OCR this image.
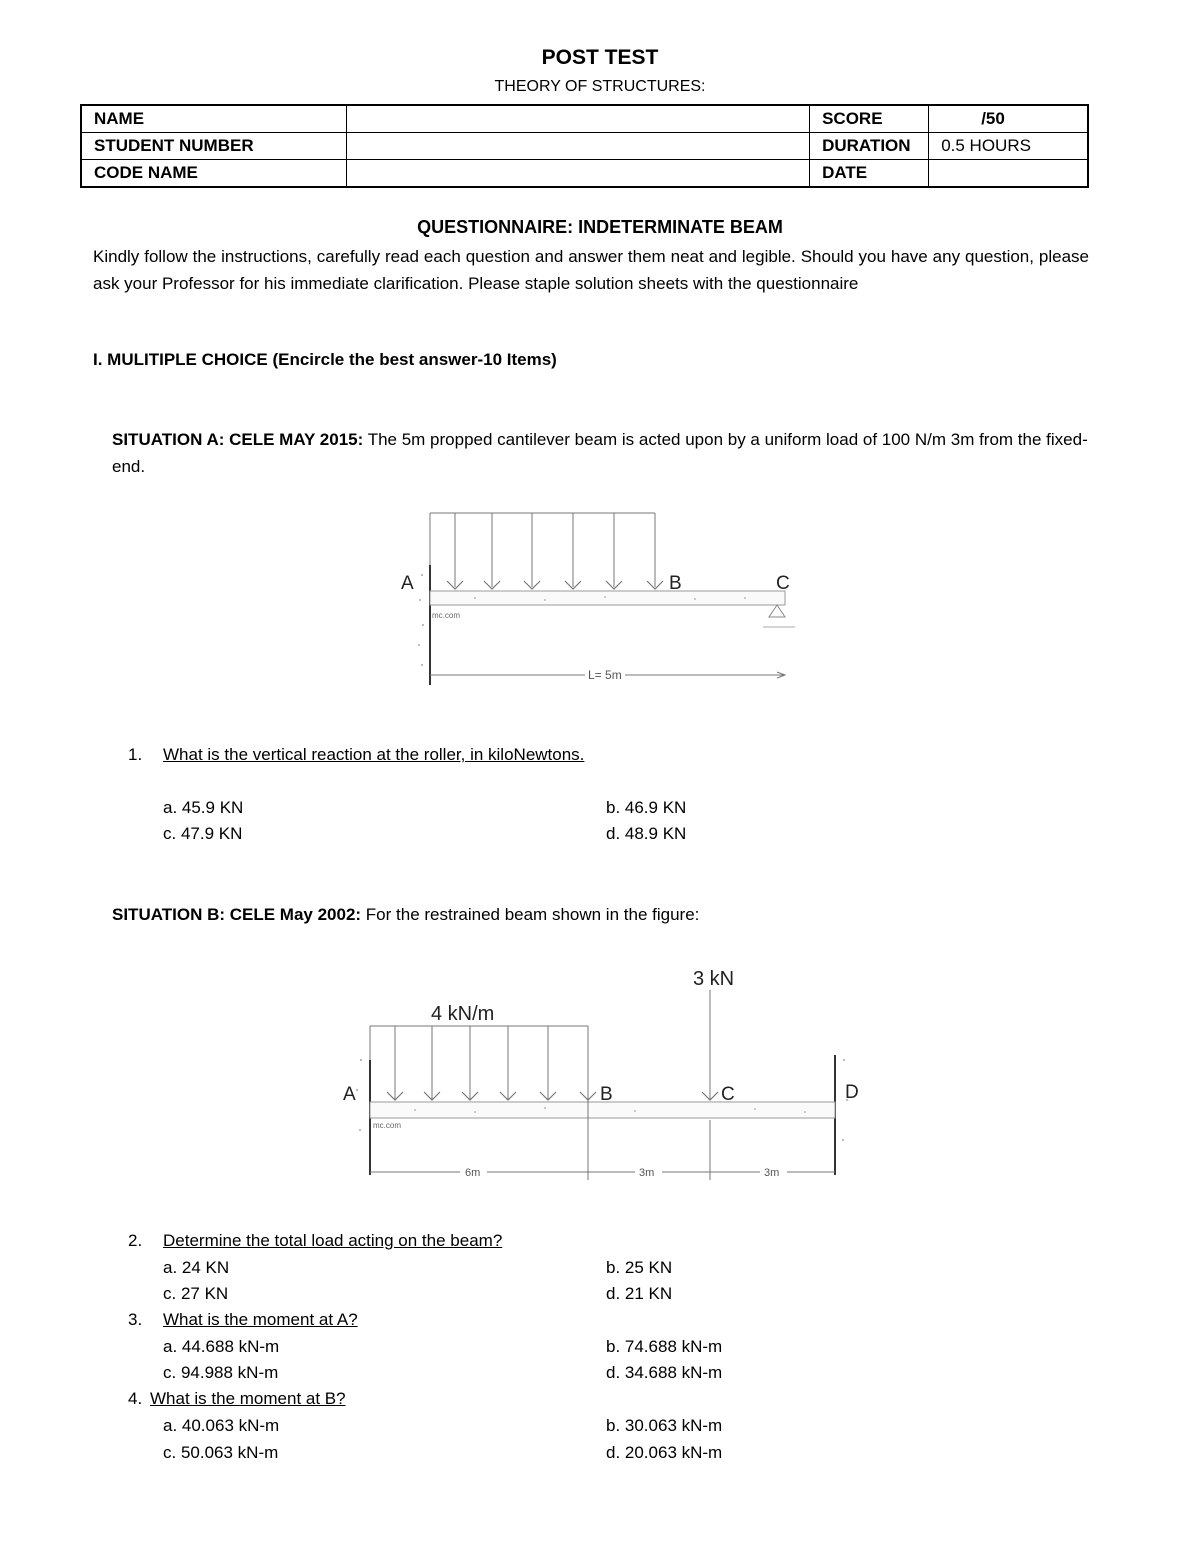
POST TEST
THEORY OF STRUCTURES:
NAME		SCORE	/50
STUDENT NUMBER		DURATION	0.5 HOURS
CODE NAME		DATE	
QUESTIONNAIRE: INDETERMINATE BEAM
Kindly follow the instructions, carefully read each question and answer them neat and legible. Should you have any question, please ask your Professor for his immediate clarification. Please staple solution sheets with the questionnaire
I. MULITIPLE CHOICE (Encircle the best answer-10 Items)
SITUATION A: CELE MAY 2015: The 5m propped cantilever beam is acted upon by a uniform load of 100 N/m 3m from the fixed-end.
A	B	C
mc.com
L= 5m
1. What is the vertical reaction at the roller, in kiloNewtons.
a. 45.9 KN	b. 46.9 KN
c. 47.9 KN	d. 48.9 KN
SITUATION B: CELE May 2002: For the restrained beam shown in the figure:
4 kN/m
3 kN
A	B	C	D
mc.com
6m	3m	3m
2. Determine the total load acting on the beam?
a. 24 KN	b. 25 KN
c. 27 KN	d. 21 KN
3. What is the moment at A?
a. 44.688 kN-m	b. 74.688 kN-m
c. 94.988 kN-m	d. 34.688 kN-m
4. What is the moment at B?
a. 40.063 kN-m	b. 30.063 kN-m
c. 50.063 kN-m	d. 20.063 kN-m
